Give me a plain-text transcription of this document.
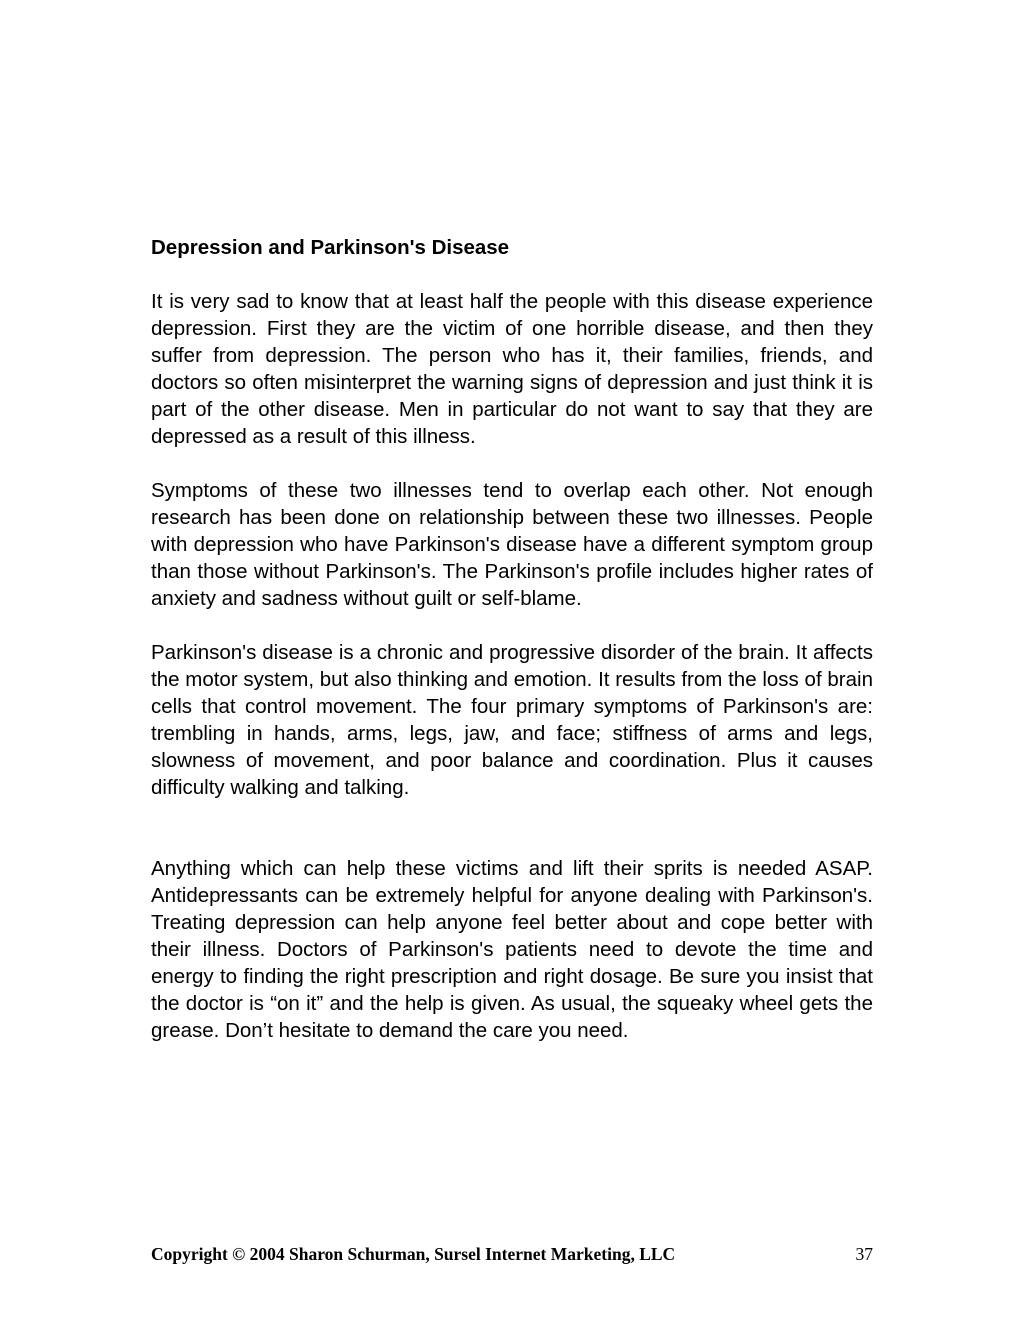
Depression and Parkinson's Disease

It is very sad to know that at least half the people with this disease experience depression. First they are the victim of one horrible disease, and then they suffer from depression. The person who has it, their families, friends, and doctors so often misinterpret the warning signs of depression and just think it is part of the other disease. Men in particular do not want to say that they are depressed as a result of this illness.

Symptoms of these two illnesses tend to overlap each other. Not enough research has been done on relationship between these two illnesses. People with depression who have Parkinson's disease have a different symptom group than those without Parkinson's. The Parkinson's profile includes higher rates of anxiety and sadness without guilt or self-blame.

Parkinson's disease is a chronic and progressive disorder of the brain. It affects the motor system, but also thinking and emotion. It results from the loss of brain cells that control movement. The four primary symptoms of Parkinson's are: trembling in hands, arms, legs, jaw, and face; stiffness of arms and legs, slowness of movement, and poor balance and coordination. Plus it causes difficulty walking and talking.

Anything which can help these victims and lift their sprits is needed ASAP. Antidepressants can be extremely helpful for anyone dealing with Parkinson's. Treating depression can help anyone feel better about and cope better with their illness. Doctors of Parkinson's patients need to devote the time and energy to finding the right prescription and right dosage. Be sure you insist that the doctor is “on it” and the help is given. As usual, the squeaky wheel gets the grease. Don’t hesitate to demand the care you need.

Copyright © 2004 Sharon Schurman, Sursel Internet Marketing, LLC	37
